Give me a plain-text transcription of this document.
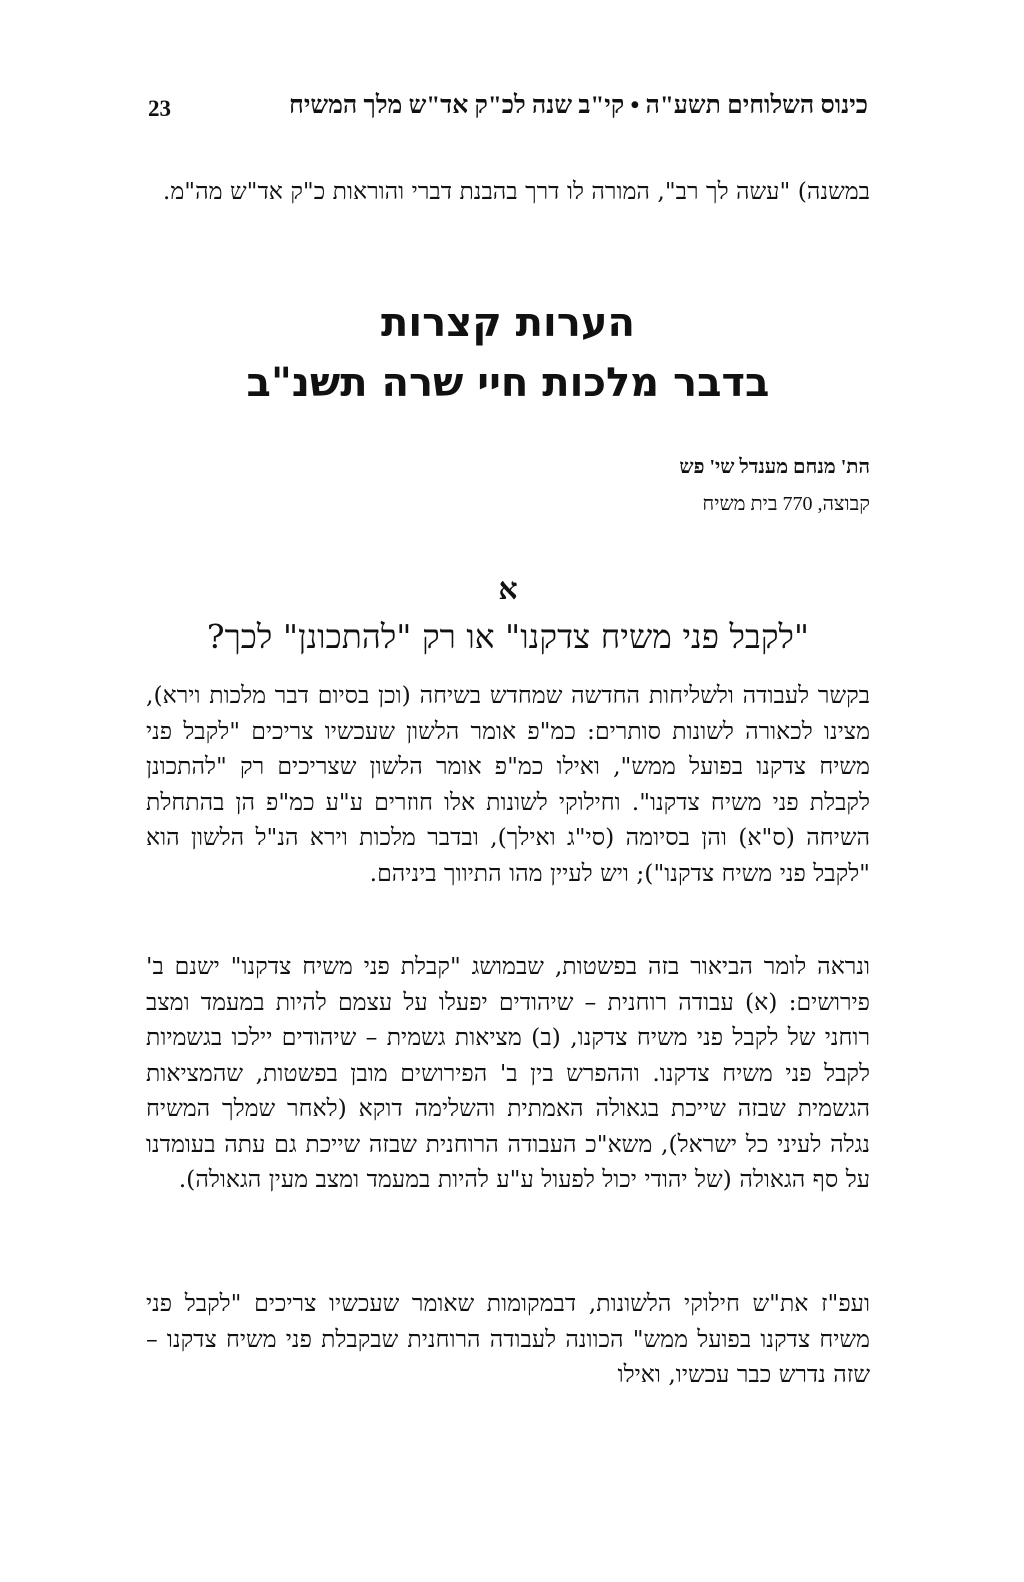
23	כינוס השלוחים תשע"ה • קי"ב שנה לכ"ק אד"ש מלך המשיח
במשנה) "עשה לך רב", המורה לו דרך בהבנת דברי והוראות כ"ק אד"ש מה"מ.
הערות קצרות
בדבר מלכות חיי שרה תשנ"ב
הת' מנחם מענדל שי' פש
קבוצה, 770 בית משיח
א
"לקבל פני משיח צדקנו" או רק "להתכונן" לכך?
בקשר לעבודה ולשליחות החדשה שמחדש בשיחה (וכן בסיום דבר מלכות וירא), מצינו לכאורה לשונות סותרים: כמ"פ אומר הלשון שעכשיו צריכים "לקבל פני משיח צדקנו בפועל ממש", ואילו כמ"פ אומר הלשון שצריכים רק "להתכונן לקבלת פני משיח צדקנו". וחילוקי לשונות אלו חוזרים ע"ע כמ"פ הן בהתחלת השיחה (ס"א) והן בסיומה (סי"ג ואילך), ובדבר מלכות וירא הנ"ל הלשון הוא "לקבל פני משיח צדקנו"); ויש לעיין מהו התיווך ביניהם.
ונראה לומר הביאור בזה בפשטות, שבמושג "קבלת פני משיח צדקנו" ישנם ב' פירושים: (א) עבודה רוחנית – שיהודים יפעלו על עצמם להיות במעמד ומצב רוחני של לקבל פני משיח צדקנו, (ב) מציאות גשמית – שיהודים יילכו בגשמיות לקבל פני משיח צדקנו. וההפרש בין ב' הפירושים מובן בפשטות, שהמציאות הגשמית שבזה שייכת בגאולה האמתית והשלימה דוקא (לאחר שמלך המשיח נגלה לעיני כל ישראל), משא"כ העבודה הרוחנית שבזה שייכת גם עתה בעומדנו על סף הגאולה (של יהודי יכול לפעול ע"ע להיות במעמד ומצב מעין הגאולה).
ועפ"ז את"ש חילוקי הלשונות, דבמקומות שאומר שעכשיו צריכים "לקבל פני משיח צדקנו בפועל ממש" הכוונה לעבודה הרוחנית שבקבלת פני משיח צדקנו – שזה נדרש כבר עכשיו, ואילו
